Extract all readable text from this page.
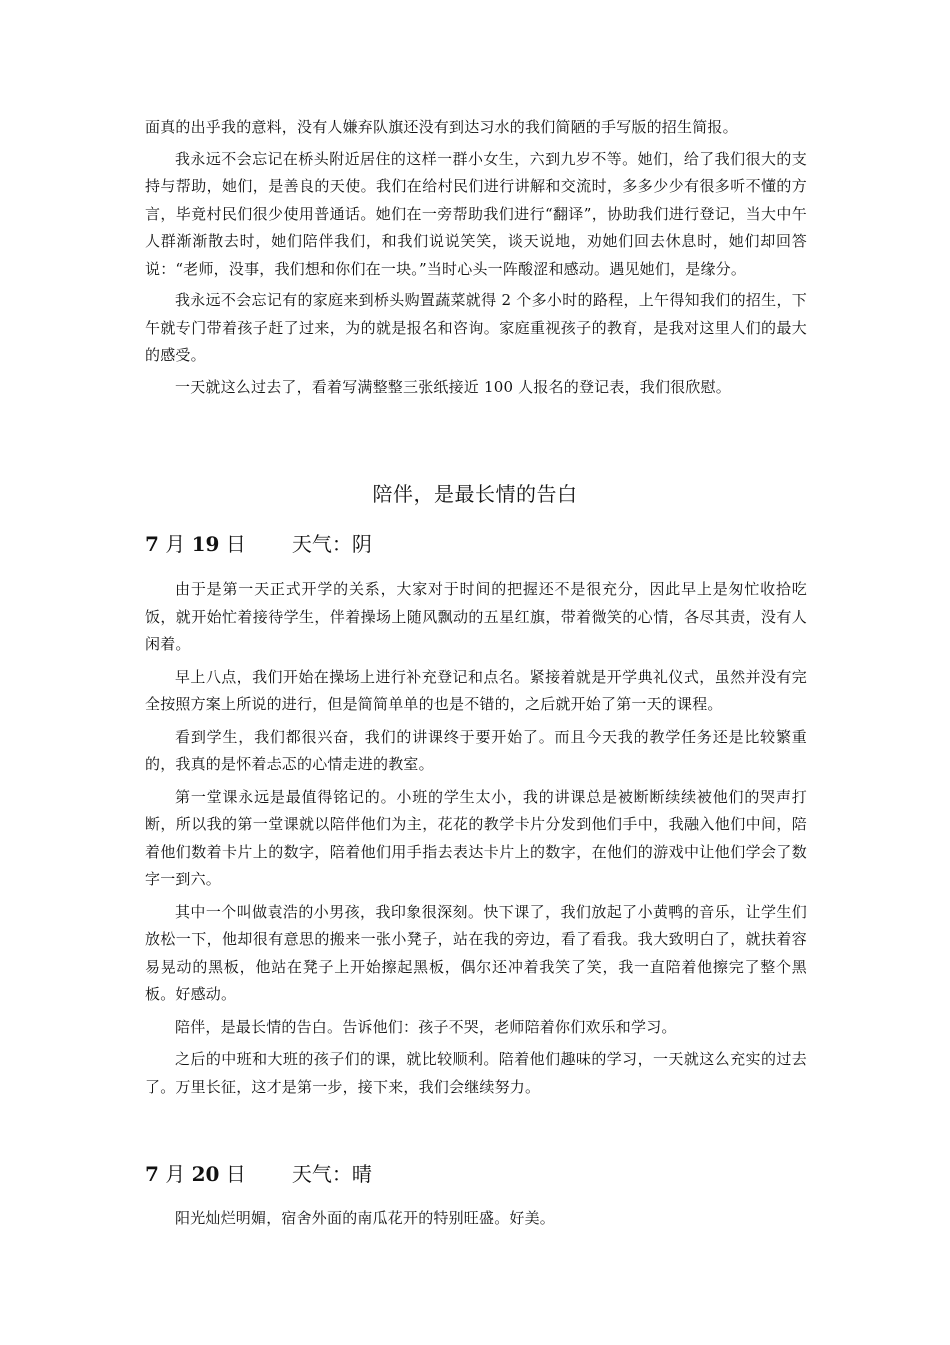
面真的出乎我的意料，没有人嫌弃队旗还没有到达习水的我们简陋的手写版的招生简报。

我永远不会忘记在桥头附近居住的这样一群小女生，六到九岁不等。她们，给了我们很大的支持与帮助，她们，是善良的天使。我们在给村民们进行讲解和交流时，多多少少有很多听不懂的方言，毕竟村民们很少使用普通话。她们在一旁帮助我们进行“翻译”，协助我们进行登记，当大中午人群渐渐散去时，她们陪伴我们，和我们说说笑笑，谈天说地，劝她们回去休息时，她们却回答说：“老师，没事，我们想和你们在一块。”当时心头一阵酸涩和感动。遇见她们，是缘分。

我永远不会忘记有的家庭来到桥头购置蔬菜就得 2 个多小时的路程，上午得知我们的招生，下午就专门带着孩子赶了过来，为的就是报名和咨询。家庭重视孩子的教育，是我对这里人们的最大的感受。

一天就这么过去了，看着写满整整三张纸接近 100 人报名的登记表，我们很欣慰。

陪伴，是最长情的告白
7 月 19 日 天气：阴

由于是第一天正式开学的关系，大家对于时间的把握还不是很充分，因此早上是匆忙收拾吃饭，就开始忙着接待学生，伴着操场上随风飘动的五星红旗，带着微笑的心情，各尽其责，没有人闲着。

早上八点，我们开始在操场上进行补充登记和点名。紧接着就是开学典礼仪式，虽然并没有完全按照方案上所说的进行，但是简简单单的也是不错的，之后就开始了第一天的课程。

看到学生，我们都很兴奋，我们的讲课终于要开始了。而且今天我的教学任务还是比较繁重的，我真的是怀着忐忑的心情走进的教室。

第一堂课永远是最值得铭记的。小班的学生太小，我的讲课总是被断断续续被他们的哭声打断，所以我的第一堂课就以陪伴他们为主，花花的教学卡片分发到他们手中，我融入他们中间，陪着他们数着卡片上的数字，陪着他们用手指去表达卡片上的数字，在他们的游戏中让他们学会了数字一到六。

其中一个叫做袁浩的小男孩，我印象很深刻。快下课了，我们放起了小黄鸭的音乐，让学生们放松一下，他却很有意思的搬来一张小凳子，站在我的旁边，看了看我。我大致明白了，就扶着容易晃动的黑板，他站在凳子上开始擦起黑板，偶尔还冲着我笑了笑，我一直陪着他擦完了整个黑板。好感动。

陪伴，是最长情的告白。告诉他们：孩子不哭，老师陪着你们欢乐和学习。

之后的中班和大班的孩子们的课，就比较顺利。陪着他们趣味的学习，一天就这么充实的过去了。万里长征，这才是第一步，接下来，我们会继续努力。

7 月 20 日 天气：晴

阳光灿烂明媚，宿舍外面的南瓜花开的特别旺盛。好美。
